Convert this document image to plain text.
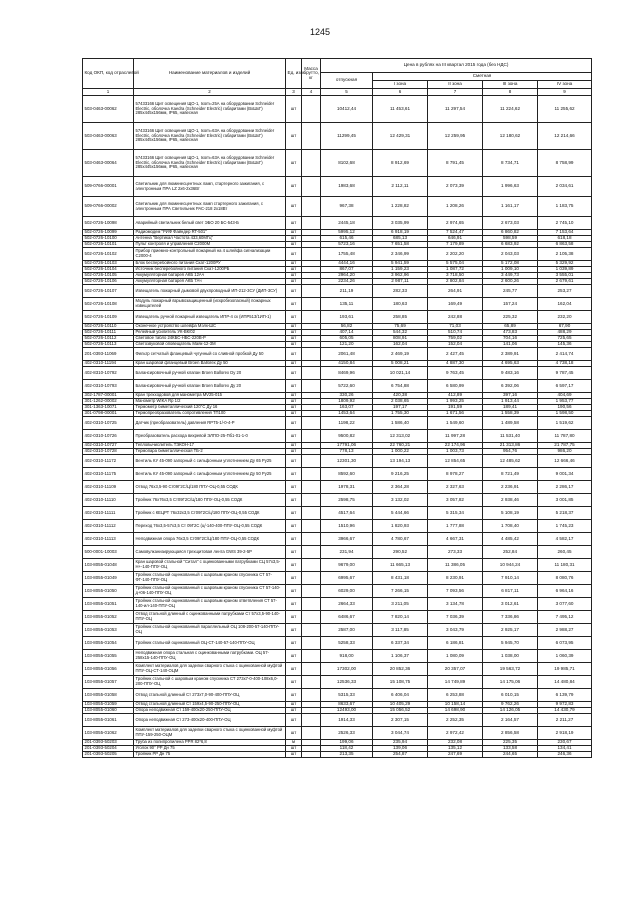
1245
Код ОКП, код отраслевой	Наименование материалов и изделий	Ед. изм.	Масса брутто, кг	Цена в рублях на III квартал 2015 года (без НДС)				
				отпускная	Сметная			
					I зона	II зона	III зона	IV зона
1	2	3	4	5	6	7	8	9
503-0463-00062	57433166 Щит освещения ЩО-1, Ixom=25А на оборудовании Schneider Electric, оболочка Kaedra (Schneider Electric) габаритами (ВхШхГ) 285х445х156мм, IP65, навесная	шт		10412,44	11 453,61	11 297,54	11 224,62	11 255,62
503-0463-00063	57433166 Щит освещения ЩО-1, Ixom=63А на оборудовании Schneider Electric, оболочка Kaedra (Schneider Electric) габаритами (ВхШхГ) 285х445х156мм, IP65, навесная	шт		11299,45	12 429,31	12 259,95	12 180,62	12 214,66
503-0463-00064	57433166 Щит освещения ЩО-1, Ixom=63А на оборудовании Schneider Electric, оболочка Kaedra (Schneider Electric) габаритами (ВхШхГ) 285х445х156мм, IP65, навесная	шт		8102,68	8 912,69	8 791,45	8 734,71	8 758,99
509-0766-00001	Светильник для люминесцентных ламп, стартерного зажигания, с электронным ПРА LZ 2х6-2х36Вт	шт		1983,68	2 112,11	2 073,39	1 996,63	2 034,61
509-0766-00002	Светильник для люминесцентных ламп стартерного зажигания, с электронным ПРА Светильник РАС-218 2х18Вт	шт		967,38	1 228,82	1 208,26	1 161,17	1 183,75
502-0726-10098	Аварийный светильник белый свет ЭБО 20 БС-543-Б	шт		2445,18	3 035,99	2 974,65	2 673,03	2 745,10
502-0726-10099	Радиомодем "РИФ Файндер RT-501"	шт		5995,12	6 918,19	7 524,47	6 860,82	7 153,64
502-0726-10100	Антенна "Вертикал Частота 433,60МГц"	шт		615,46	685,13	646,91	598,59	618,18
502-0726-10101	Пульт контроля и управления С2000М	шт		5723,16	7 651,58	7 179,89	6 683,92	6 863,58
502-0726-10102	Прибор приемно-контрольный пожарный на 4 шлейфа сигнализации С2000-4	шт		1755,48	2 346,99	2 202,20	2 043,03	2 105,38
502-0726-10103	Блок бесперебойного питания Скат-1200РУ	шт		4444,16	5 941,59	5 575,04	5 172,08	5 329,92
502-0726-10104	Источник бесперебойного питания Скат-1200РБ	шт		867,07	1 159,23	1 087,72	1 009,10	1 039,89
502-0726-10105	Аккумуляторная батарея АКБ 12Ач	шт		2964,20	3 962,96	3 718,50	3 449,73	3 555,01
502-0726-10106	Аккумуляторная батарея АКБ 7Ач	шт		2234,26	2 987,11	2 802,84	2 600,26	2 679,61
502-0726-10107	Извещатель пожарный дымовой двухпроводный ИП-212-3СУ (ДИП-3СУ)	шт		211,19	282,33	264,91	245,77	253,27
502-0726-10108	Модуль пожарный взрывозащищенный (искробезопасный) пожарных извещателей	шт		135,11	180,63	169,49	157,24	162,04
502-0726-10109	Извещатель ручной пожарный извещатель ИПР-4 ск (ИПР513/1ИП-1)	шт		193,61	258,85	242,88	225,32	232,20
502-0726-10110	Оконечное устройство шлейфа Мэлк-ШС	шт		56,82	75,69	71,03	65,89	67,90
502-0726-10111	Релейный усилитель УК-ВК/02	шт		407,14	544,32	510,74	473,83	488,29
502-0726-10112	Световое табло 24КБС-НБС-220В-Р	шт		605,05	808,91	759,02	704,16	725,65
502-0726-10113	Светозвуковой оповещатель Маяк-12-3М	шт		121,20	162,04	152,04	141,06	145,36
201-0393-11069	Фильтр сетчатый фланцевый чугунный со сливной пробкой Ду 50	шт		2061,48	2 469,19	2 427,45	2 389,91	2 414,74
402-0310-11194	Кран шаровой фланцевый Broen Ballorex Ду 50	шт		4150,84	5 008,21	4 887,30	4 695,63	4 738,18
402-8310-10792	Балансировочный ручной клапан Broen Ballorex Dy 20	шт		8469,96	10 021,14	9 763,45	9 483,16	9 787,45
402-0310-10793	Балансировочный ручной клапан Broen Ballorex Ду 20	шт		5722,60	6 754,88	6 580,99	6 392,06	6 597,17
302-1787-00001	Кран трехходовой для манометра MV25-015	шт		330,26	420,38	412,89	397,16	404,69
301-1262-00002	Манометр WIKA Rp 1/2	шт		1809,92	2 038,65	1 993,25	1 913,44	1 953,77
301-1363-10071	Термометр биметаллический 120°С Ду 16	шт		163,07	197,17	191,59	189,41	190,56
301-0798-00001	Термопреобразователь сопротивления ТП100	шт		1453,64	1 755,30	1 671,56	1 558,39	1 598,50
402-0310-10725	Датчик (преобразователь) давления RPT5-1/-0-4-Р	шт		1198,22	1 586,40	1 549,60	1 489,58	1 519,62
402-0310-10726	Преобразователь расхода вихревой ЭЛПО-25-Пб1-01-1-0	шт		9500,82	12 313,02	11 997,28	11 531,40	11 787,80
402-0310-10727	Тепловычислитель ТЭКОН-17	шт		17791,06	22 760,21	22 174,96	21 313,86	21 787,75
402-0310-10728	Термопара биметаллическая ТБ-2	шт		778,13	1 000,22	1 003,73	954,76	986,20
402-0310-11172	Вентиль КУ 45-090 запорный с сильфонным уплотнением Ду 65 Ру25	шт		12301,30	13 194,13	12 854,65	12 485,62	12 666,46
402-0310-11175	Вентиль КУ 45-090 запорный с сильфонным уплотнением Ду 50 Ру25	шт		8592,60	9 216,25	8 978,27	8 721,49	9 001,34
402-0310-11109	Отвод 76х3,5-90 Ст09Г2С/Ц/180 ППУ-ОЦ-0,55 СОДК	шт		1978,31	2 364,28	2 327,63	2 236,91	2 286,17
402-0310-11110	Тройник 76х76х3,5 Ст09Г2С/Ц/180 ППУ-ОЦ-0,55 СОДК	шт		2598,75	3 132,02	3 057,82	2 938,46	3 001,85
402-0310-11111	Тройник с КЕЦРТ 76х32х3,5 Ст09Г2С/ц/180 ППУ-ОЦ-0,55 СОДК	шт		4517,64	5 444,66	5 315,34	5 108,19	5 218,37
402-0310-11112	Переход 76х3,5-57х3,5 Ст 09Г2С (ц/-140-400-ППУ-ОЦ-0,55 СОДК	шт		1510,96	1 820,93	1 777,88	1 708,40	1 745,23
402-0310-11113	Неподвижная опора 76х3,5 Ст09Г2С/Ц/180 ППУ-ОЦ-0,55 СОДК	шт		3966,67	4 780,67	4 667,31	4 485,42	4 582,17
500-0001-10003	Самовулканизирующаяся трехщитовая лента GWS 39-2-5Р	шт		231,94	290,52	273,33	252,84	260,45
103-8055-01048	Кран шаровой стальной "Ситал" с оцинкованными патрубками СЦ 57х3,5-Н+-140-ППУ-ОЦ	шт		9679,00	11 665,13	11 386,05	10 944,24	11 180,31
103-8055-01049	Тройник стальной оцинкованный с шаровым краном спускника СТ 57-ФГ-140-ППУ-ОЦ	шт		6995,67	8 431,18	8 230,91	7 910,14	8 080,76
103-8055-01050	Тройник стальной оцинкованный с шаровым краном спускника СТ 57-140-д+06-140-ППУ-ОЦ	шт		6029,00	7 266,15	7 093,56	6 817,11	6 964,16
103-8055-01051	Тройник стальной оцинкованный с шаровым краном ответвления СТ 57-140-ил-140-ППУ-ОЦ	шт		2664,33	3 211,05	3 134,78	3 012,61	3 077,60
103-8055-01052	Отвод стальной длинный с оцинкованными патрубками Ст 57х3,5-90-140-ППУ-ОЦ	шт		6486,67	7 820,14	7 036,39	7 336,86	7 495,12
103-8055-01053	Тройник стальной оцинкованный параллельный ОЦ 108-200-57-140-ППУ-ОЦ	шт		2587,00	3 117,85	3 043,79	2 925,17	2 988,27
103-8055-01054	Тройник стальной оцинкованный ОЦ-СТ-140-57-140-ППУ-ОЦ	шт		5258,33	6 337,34	6 186,81	5 945,70	6 073,95
103-8055-01055	Неподвижная опора стальная с оцинкованными патрубками. ОЦ 57-258х15-140-ППУ-ОЦ	шт		918,00	1 106,37	1 080,09	1 038,00	1 060,39
103-8055-01056	Комплект материалов для заделки сварного стыка с оцинкованной муфтой ППУ-ОЦ-СТ-140-ОЦМ	шт		17302,00	20 852,36	20 357,07	19 563,72	19 985,71
103-8055-01057	Тройник стальной с шаровым краном спускника СТ 273х7-0-400-108х6,0-200-ППУ-ОЦ	шт		12536,33	15 108,75	14 749,89	14 175,06	14 480,84
103-8055-01058	Отвод стальной длинный Ст 273х7,0-90-400-ППУ-ОЦ	шт		5315,33	6 406,04	6 253,88	6 010,15	6 139,79
103-8055-01059	Отвод стальной длинный Ст 159х4,5-90-250-ППУ-ОЦ	шт		8633,67	10 405,29	10 158,14	9 762,26	9 972,83
103-8055-01060	Опора неподвижная Ст 159-400х20-250-ППУ-ОЦ	шт		12493,00	15 056,52	14 698,90	14 126,05	14 430,79
103-8055-01061	Опора неподвижная Ст 273-400х20-400-ППУ-ОЦ	шт		1914,33	2 307,15	2 252,35	2 164,57	2 211,27
103-8055-01062	Комплект материалов для заделки сварного стыка с оцинкованной муфтой ППУ-159-250-ОЦМ	шт		2526,33	3 044,74	2 972,42	2 856,58	2 918,19
201-0393-50203	Труба из полипропилена PPR 82*6,8	м		199,06	235,94	232,08	225,35	230,67
201-0393-50204	Уголок 90° РР Дн 75	шт		118,42	139,06	135,12	133,58	134,41
201-0393-50205	Тройник РР Дн 75	шт		213,35	254,87	247,69	244,65	246,36
